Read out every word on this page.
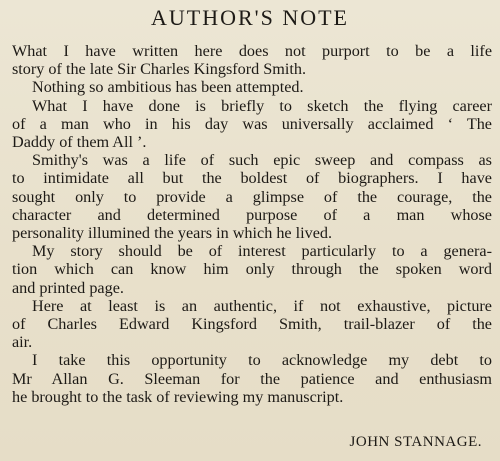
AUTHOR'S NOTE
What I have written here does not purport to be a life
story of the late Sir Charles Kingsford Smith.
Nothing so ambitious has been attempted.
What I have done is briefly to sketch the flying career
of a man who in his day was universally acclaimed ‘ The
Daddy of them All ’.
Smithy's was a life of such epic sweep and compass as
to intimidate all but the boldest of biographers. I have
sought only to provide a glimpse of the courage, the
character and determined purpose of a man whose
personality illumined the years in which he lived.
My story should be of interest particularly to a genera-
tion which can know him only through the spoken word
and printed page.
Here at least is an authentic, if not exhaustive, picture
of Charles Edward Kingsford Smith, trail-blazer of the
air.
I take this opportunity to acknowledge my debt to
Mr Allan G. Sleeman for the patience and enthusiasm
he brought to the task of reviewing my manuscript.

JOHN STANNAGE.
